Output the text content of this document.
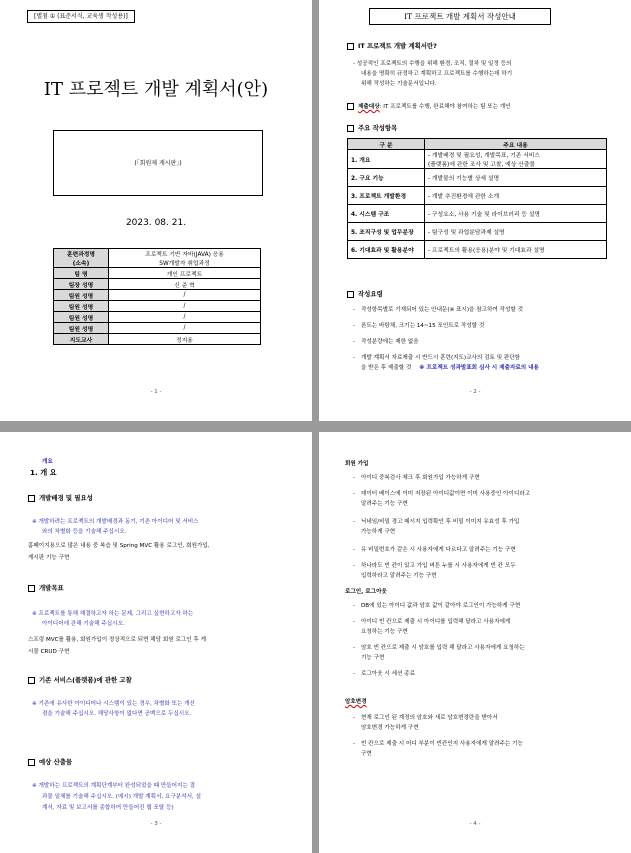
[별첨 ① (표준서식, 교육생 작성용)]
IT 프로젝트 개발 계획서(안)
(「회원제 게시판」)
2023. 08. 21.
훈련과정명
(소속)	프로젝트 기반 자바(JAVA) 응용
SW개발자 취업과정
팀 명	개인 프로젝트
팀장 성명	신 준 혁
팀원 성명	/
팀원 성명	/
팀원 성명	/
팀원 성명	/
지도교사	정지용
- 1 -
IT 프로젝트 개발 계획서 작성안내
IT 프로젝트 개발 계획서란?
- 성공적인 프로젝트의 수행을 위해 환경, 조직, 절차 및 일정 등의
내용을 명확히 규정하고 계획하고 프로젝트를 수행하는데 하기
위해 작성하는 기술문서입니다.
제출대상: IT 프로젝트를 수행, 완료해야 참여하는 팀 또는 개인
주요 작성항목
구 분	주요 내용
1. 개요	- 개발배경 및 필요성, 개발목표, 기존 서비스
(플랫폼)에 관한 조사 및 고찰, 예상 산출물
2. 구요 기능	- 개발물의 기능별 상세 설명
3. 프로젝트 개발환경	- 개발 추진환경에 관한 소개
4. 시스템 구조	- 구성요소, 사용 기술 및 라이브러리 등 설명
5. 조직구성 및 업무분장	- 팀구성 및 과업분담과제 설명
6. 기대효과 및 활용분야	- 프로젝트의 활용(응용)분야 및 기대효과 설명
작성요령
작성항목별로 기재되어 있는 안내문(※ 표시)을 참고하여 작성할 것
폰트는 바탕체, 크기는 14~15 포인트로 작성할 것
작성분량에는 제한 없음
개발 계획서 자료제출 시 반드시 훈련(지도)교사의 검토 및 판단함
을 받은 후 제출할 것 ※ 프로젝트 성과발표회 심사 시 제출자료의 내용
- 2 -
개요
1. 개 요
개발배경 및 필요성
※ 개발하려는 프로젝트의 개발배경과 동기, 기존 아이디어 및 서비스
와의 차별화 등을 기술해 주십시오.
홈페이지용으로 많은 내용 중 복습 및 Spring MVC 활용 로그인, 회원가입,
게시판 기능 구현
개발목표
※ 프로젝트를 통해 해결하고자 하는 문제, 그리고 실현하고자 하는
아이디어에 관해 기술해 주십시오.
스프링 MVC를 활용, 회원가입이 정상적으로 되면 해당 회원 로그인 후 게
시물 CRUD 구현
기존 서비스(플랫폼)에 관한 고찰
※ 기존에 유사한 아이디어나 시스템이 있는 경우, 차별화 또는 개선
점을 기술해 주십시오. 해당사항이 없다면 공백으로 두십시오.
예상 산출물
※ 개발하는 프로젝트의 계획단계부터 완성되었을 때 만들어지는 결
과물 일체를 기술해 주십시오. (예시) 개발 계획서, 요구분석서, 설
계서, 자료 및 보고서를 종합하여 만들어진 웹 포탈 등)
- 3 -
회원 가입
아이디 중복검사 체크 후 회원가입 가능하게 구현
데이터 베이스에 이미 저장된 아이디값이면 이미 사용중인 아이디라고
알려주는 기능 구현
닉네임/비밀 경고 메시지 입력확인 후 비밀 이미지 유효성 후 가입
가능하게 구현
유 비밀번호가 같은 시 사용자에게 다르다고 알려주는 기능 구현
하나라도 빈 칸이 있고 가입 버튼 누를 시 사용자에게 빈 칸 모두
입력하라고 알려주는 기능 구현
로그인, 로그아웃
DB에 있는 아이디 값과 암호 값이 같아야 로그인이 가능하게 구현
아이디 빈 칸으로 제출 시 아이디를 입력해 달라고 사용자에게
요청하는 기능 구현
암호 빈 칸으로 제출 시 암호를 입력 해 달라고 사용자에게 요청하는
기능 구현
로그아웃 시 세션 종료
암호변경
현재 로그인 된 계정의 암호와 새로 암호변경란을 받아서
암호변경 가능하게 구현
빈 칸으로 제출 시 어디 부분이 빈칸인지 사용자에게 알려주는 기능
구현
- 4 -
